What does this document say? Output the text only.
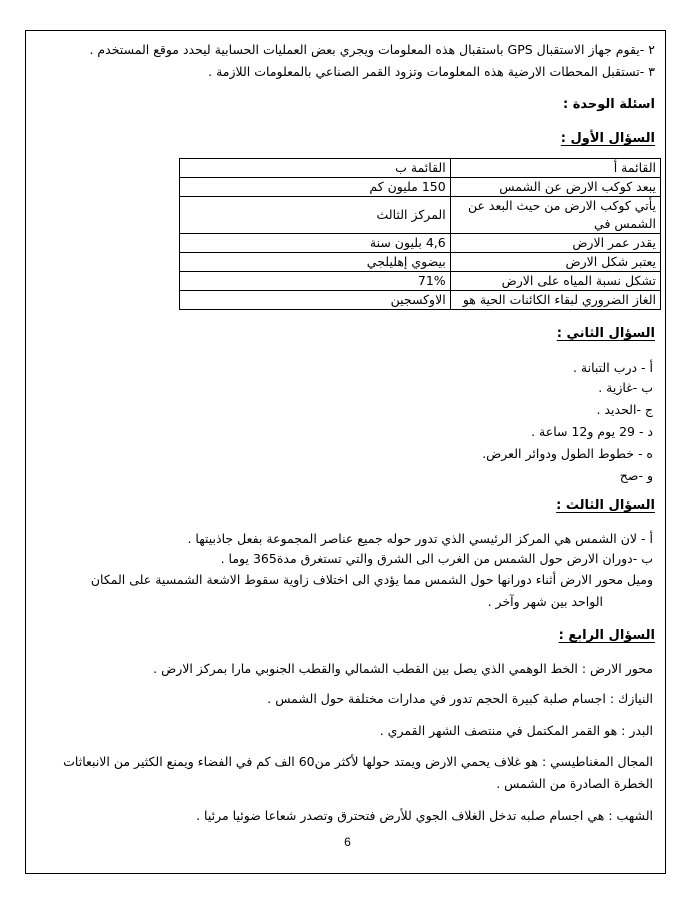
٢ -يقوم جهاز الاستقبال GPS باستقبال هذه المعلومات ويجري بعض العمليات الحسابية ليحدد موقع المستخدم .
٣ -تستقبل المحطات الارضية هذه المعلومات وتزود القمر الصناعي بالمعلومات اللازمة .
اسئلة الوحدة :
السؤال الأول :
القائمة أ	القائمة ب
يبعد كوكب الارض عن الشمس	150 مليون كم
يأتي كوكب الارض من حيث البعد عن الشمس في	المركز الثالث
يقدر عمر الارض	4,6 بليون سنة
يعتبر شكل الارض	بيضوي إهليلجي
تشكل نسبة المياه على الارض	71%
الغاز الضروري لبقاء الكائنات الحية هو	الاوكسجين
السؤال الثاني :
أ - درب التبانة .
ب -غازية .
ج -الحديد .
د - 29 يوم و12 ساعة .
ه - خطوط الطول ودوائر العرض.
و -صح
السؤال الثالث :
أ - لان الشمس هي المركز الرئيسي الذي تدور حوله جميع عناصر المجموعة بفعل جاذبيتها .
ب -دوران الارض حول الشمس من الغرب الى الشرق والتي تستغرق مدة365 يوما .
وميل محور الارض أثناء دورانها حول الشمس مما يؤدي الى اختلاف زاوية سقوط الاشعة الشمسية على المكان
الواحد بين شهر وآخر .
السؤال الرابع :
محور الارض : الخط الوهمي الذي يصل بين القطب الشمالي والقطب الجنوبي مارا بمركز الارض .
النيازك : اجسام صلبة كبيرة الحجم تدور في مدارات مختلفة حول الشمس .
البدر : هو القمر المكتمل في منتصف الشهر القمري .
المجال المغناطيسي : هو غلاف يحمي الارض ويمتد حولها لأكثر من60 الف كم في الفضاء ويمنع الكثير من الانبعاثات
الخطرة الصادرة من الشمس .
الشهب : هي اجسام صلبه تدخل الغلاف الجوي للأرض فتحترق وتصدر شعاعا ضوئيا مرئيا .
6
